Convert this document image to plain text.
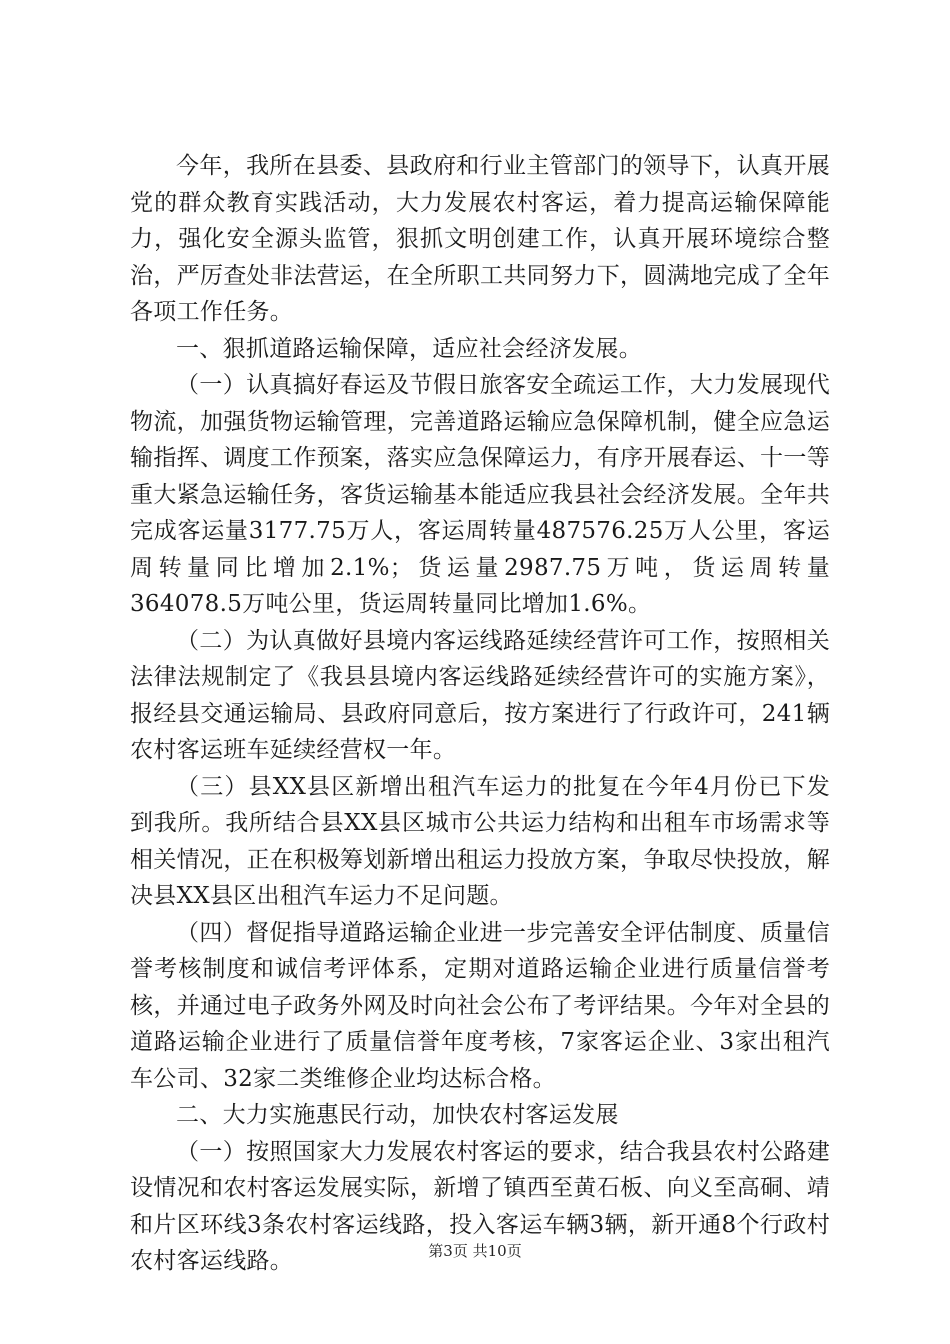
今年，我所在县委、县政府和行业主管部门的领导下，认真开展党的群众教育实践活动，大力发展农村客运，着力提高运输保障能力，强化安全源头监管，狠抓文明创建工作，认真开展环境综合整治，严厉查处非法营运，在全所职工共同努力下，圆满地完成了全年各项工作任务。

一、狠抓道路运输保障，适应社会经济发展。

（一）认真搞好春运及节假日旅客安全疏运工作，大力发展现代物流，加强货物运输管理，完善道路运输应急保障机制，健全应急运输指挥、调度工作预案，落实应急保障运力，有序开展春运、十一等重大紧急运输任务，客货运输基本能适应我县社会经济发展。全年共完成客运量3177.75万人，客运周转量487576.25万人公里，客运周转量同比增加2.1%；货运量2987.75万吨，货运周转量364078.5万吨公里，货运周转量同比增加1.6%。

（二）为认真做好县境内客运线路延续经营许可工作，按照相关法律法规制定了《我县县境内客运线路延续经营许可的实施方案》，报经县交通运输局、县政府同意后，按方案进行了行政许可，241辆农村客运班车延续经营权一年。

（三）县XX县区新增出租汽车运力的批复在今年4月份已下发到我所。我所结合县XX县区城市公共运力结构和出租车市场需求等相关情况，正在积极筹划新增出租运力投放方案，争取尽快投放，解决县XX县区出租汽车运力不足问题。

（四）督促指导道路运输企业进一步完善安全评估制度、质量信誉考核制度和诚信考评体系，定期对道路运输企业进行质量信誉考核，并通过电子政务外网及时向社会公布了考评结果。今年对全县的道路运输企业进行了质量信誉年度考核，7家客运企业、3家出租汽车公司、32家二类维修企业均达标合格。

二、大力实施惠民行动，加快农村客运发展

（一）按照国家大力发展农村客运的要求，结合我县农村公路建设情况和农村客运发展实际，新增了镇西至黄石板、向义至高硐、靖和片区环线3条农村客运线路，投入客运车辆3辆，新开通8个行政村农村客运线路。	第3页 共10页
